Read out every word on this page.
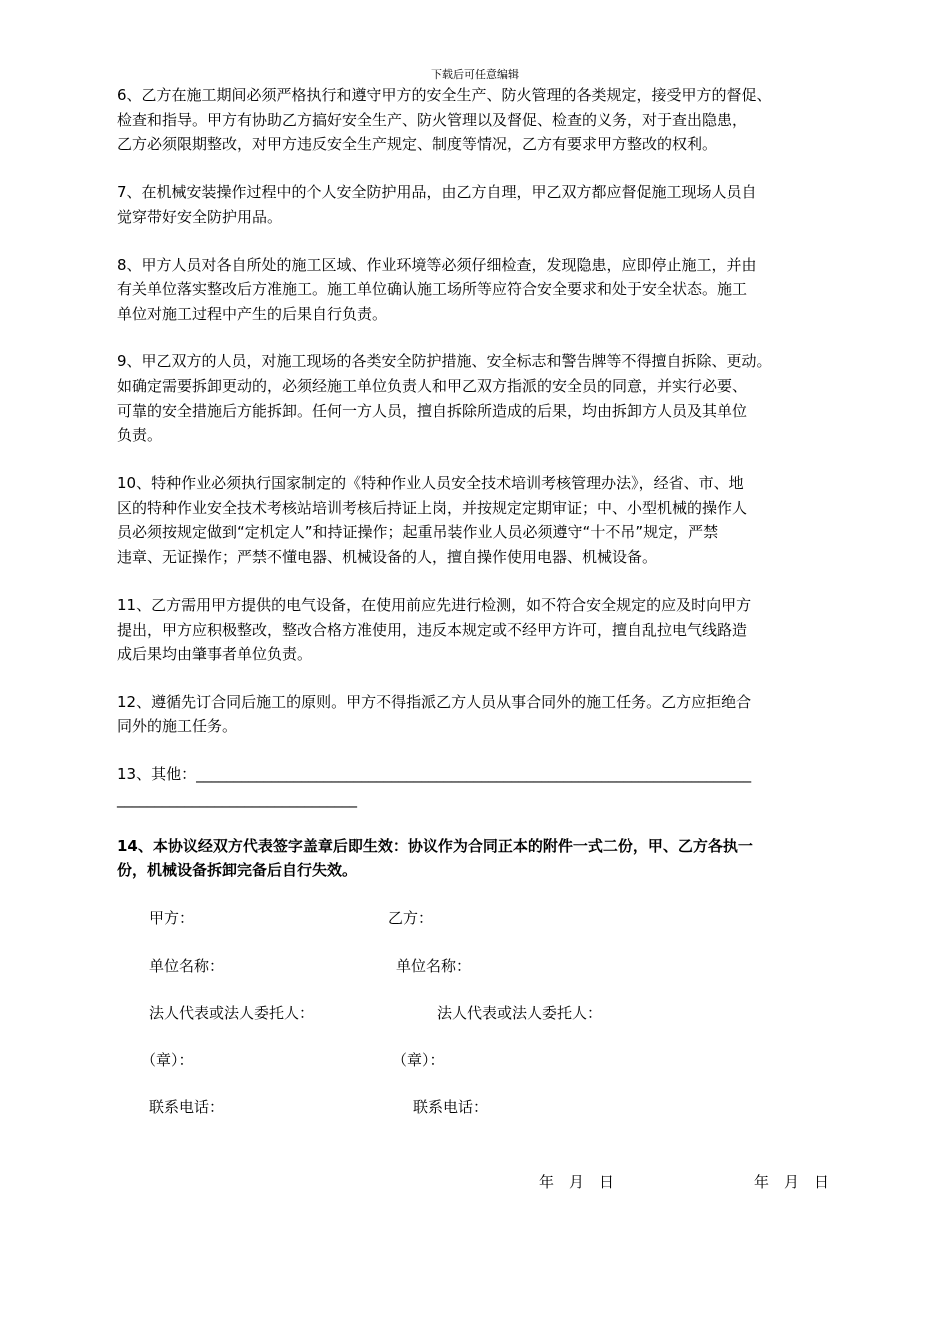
下载后可任意编辑
6、乙方在施工期间必须严格执行和遵守甲方的安全生产、防火管理的各类规定，接受甲方的督促、
检查和指导。甲方有协助乙方搞好安全生产、防火管理以及督促、检查的义务，对于查出隐患，
乙方必须限期整改，对甲方违反安全生产规定、制度等情况，乙方有要求甲方整改的权利。
7、在机械安装操作过程中的个人安全防护用品，由乙方自理，甲乙双方都应督促施工现场人员自
觉穿带好安全防护用品。
8、甲方人员对各自所处的施工区域、作业环境等必须仔细检查，发现隐患，应即停止施工，并由
有关单位落实整改后方准施工。施工单位确认施工场所等应符合安全要求和处于安全状态。施工
单位对施工过程中产生的后果自行负责。
9、甲乙双方的人员，对施工现场的各类安全防护措施、安全标志和警告牌等不得擅自拆除、更动。
如确定需要拆卸更动的，必须经施工单位负责人和甲乙双方指派的安全员的同意，并实行必要、
可靠的安全措施后方能拆卸。任何一方人员，擅自拆除所造成的后果，均由拆卸方人员及其单位
负责。
10、特种作业必须执行国家制定的《特种作业人员安全技术培训考核管理办法》，经省、市、地
区的特种作业安全技术考核站培训考核后持证上岗，并按规定定期审证；中、小型机械的操作人
员必须按规定做到“定机定人”和持证操作；起重吊装作业人员必须遵守“十不吊”规定，严禁
违章、无证操作；严禁不懂电器、机械设备的人，擅自操作使用电器、机械设备。
11、乙方需用甲方提供的电气设备，在使用前应先进行检测，如不符合安全规定的应及时向甲方
提出，甲方应积极整改，整改合格方准使用，违反本规定或不经甲方许可，擅自乱拉电气线路造
成后果均由肇事者单位负责。
12、遵循先订合同后施工的原则。甲方不得指派乙方人员从事合同外的施工任务。乙方应拒绝合
同外的施工任务。
13、其他：__________________________________________________________________________
________________________________
14、本协议经双方代表签字盖章后即生效：协议作为合同正本的附件一式二份，甲、乙方各执一
份，机械设备拆卸完备后自行失效。
甲方：	乙方：
单位名称：	单位名称：
法人代表或法人委托人：	法人代表或法人委托人：
（章）：	（章）：
联系电话：	联系电话：
年　月　日	年　月　日
